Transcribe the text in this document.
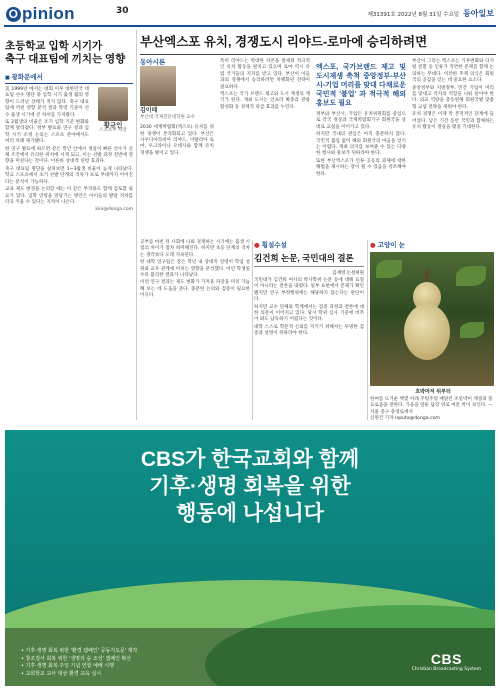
O pinion	30	제31391호 2022년 8월 31일 수요일 동아일보
초등학교 입학 시기가
축구 대표팀에 끼치는 영향
■ 광화문에서
황규인
스포츠부 차장

美 1999년 에서는 대회 이후 대한민국 대표팀 선수 명단 중 입학 시기 출생 월의 영향이 드러난 상태가 적지 않다. 축구 대표팀에 끼친 영향 분석 결과 학령 기준이 선수 출생 시기에 큰 차이를 가져왔다.

또 2월생의 비율은 조기 입학 기준 변화와 함께 달라졌다. 정부 발표와 연구 결과 입학 시기 조정 논의는 스포츠 분야에서도 여러 차례 제기됐다.

한 연구 발표에 따르면 같은 학년 안에서 생일이 빠른 선수가 신체 조건에서 유리한 위치에 서게 되고, 이는 선발 과정 전반에 영향을 미친다는 것이다. 이른바 상대적 연령 효과다.

축구 대표팀 명단을 살펴보면 1~3월생 비율이 높게 나타났다. 학교 스포츠에서 초기 선발 단계의 격차가 프로 무대까지 이어진다는 분석이 가능하다.

교육 제도 변경을 논의할 때는 이 같은 부작용도 함께 검토할 필요가 있다. 입학 연령을 앞당기는 방안은 아이들의 발달 격차를 더욱 키울 수 있다는 지적이 나온다.

kini@donga.com
부산엑스포 유치, 경쟁도시 리야드-로마에 승리하려면
동아시론
김이태
부산대 국제전문대학원 교수

2030 세계박람회(엑스포) 유치를 위한 경쟁이 본격화되고 있다. 부산은 사우디아라비아 리야드, 이탈리아 로마, 우크라이나 오데사와 함께 유치 경쟁을 벌이고 있다.

특히 리야드는 막대한 자본을 앞세워 적극적인 유치 활동을 펼치고 있으며 로마 역시 유럽 국가들의 지지를 받고 있다. 부산이 이들과의 경쟁에서 승리하려면 차별화된 전략이 필요하다.

엑스포는 국가 브랜드 제고와 도시 재생의 계기가 된다. 개최 도시는 인프라 확충과 관광 활성화 등 경제적 파급 효과를 누린다.

엑스포, 국가브랜드 제고 및 도시재생 축척 중앙정부-부산시-기업 머리를 맞대 다채로운 국민적 '붐업' 과 적극적 해외 홍보도 필요

정부와 부산시, 기업은 유치위원회를 중심으로 각국 정상과 국제박람회기구 회원국을 상대로 교섭을 이어가고 있다.

하지만 국내의 관심은 아직 충분하지 않다. 국민적 붐업 없이 해외 회원국의 마음을 얻기는 어렵다. 개최 의지를 보여줄 수 있는 다양한 행사와 홍보가 뒤따라야 한다.

또한 부산엑스포가 인류 공동의 과제에 대한 해법을 제시하는 장이 될 수 있음을 강조해야 한다.

부산이 그리는 엑스포는 기후변화와 디지털 전환 등 인류가 직면한 문제를 함께 논의하는 무대다. 이러한 주제 의식은 회원국의 공감을 얻는 데 중요한 요소다.

중앙정부와 지방정부, 민간 기업이 머리를 맞대고 각자의 역할을 나눠 맡아야 한다. 외교 역량을 총동원해 회원국별 맞춤형 교섭 전략을 세워야 한다.

유치 경쟁은 이제 막 본격적인 단계에 들어섰다. 남은 기간 동안 국민과 함께하는 유치 활동이 결실을 맺길 기대한다.

공부를 마친 뒤 사회에 나와 경쟁하는 시기에는 출생 시점의 차이가 점차 희미해진다. 하지만 초등 단계의 격차는 생각보다 오래 지속된다.

한 대학 연구팀은 같은 학년 내 상대적 연령이 학업 성취와 교우 관계에 미치는 영향을 분석했다. 어린 학생일수록 불리한 결과가 나타났다.

이런 연구 결과는 제도 변화가 가져올 파장을 미리 가늠해 보는 데 도움을 준다. 충분한 논의와 검증이 필요한 이유다.

● 횡설수설
김건희 논문, 국민대의 결론
김재영 논설위원

국민대가 김건희 여사의 박사학위 논문 등에 대해 표절이 아니라는 결론을 내렸다. 일부 표현에서 문제가 확인됐지만 연구 부정행위에는 해당하지 않는다는 판단이다.

하지만 교수 단체와 학계에서는 검증 과정과 결론에 대한 의문이 이어지고 있다. 당시 학위 심사 기준에 비추어 봐도 납득하기 어렵다는 것이다.

대학 스스로 학문적 신뢰를 지키기 위해서는 투명한 검증과 설명이 뒤따라야 한다.

● 고양이 눈
호박마저 뒤부터
한여름 뜨거운 햇볕 아래 주렁주렁 매달린 조롱박이 계절의 풍요로움을 전한다. 가을을 앞둔 담장 위로 여문 박이 보인다. —서울 중구 충정로에서
신원건 기자 laputa@donga.com
CBS가 한국교회와 함께
기후·생명 회복을 위한
행동에 나섭니다
• 기후·생명 회복 위한 '환경 캠페인' 공동기도문' 제작
• 창조질서 회복 위한 '생명의 숲 조성' 캠페인 확산
• 기후·생명 회복 주일 기념 연합 예배 시행
• 교회학교 교사 대상 환경 교육 실시
CBS
Christian Broadcasting System
